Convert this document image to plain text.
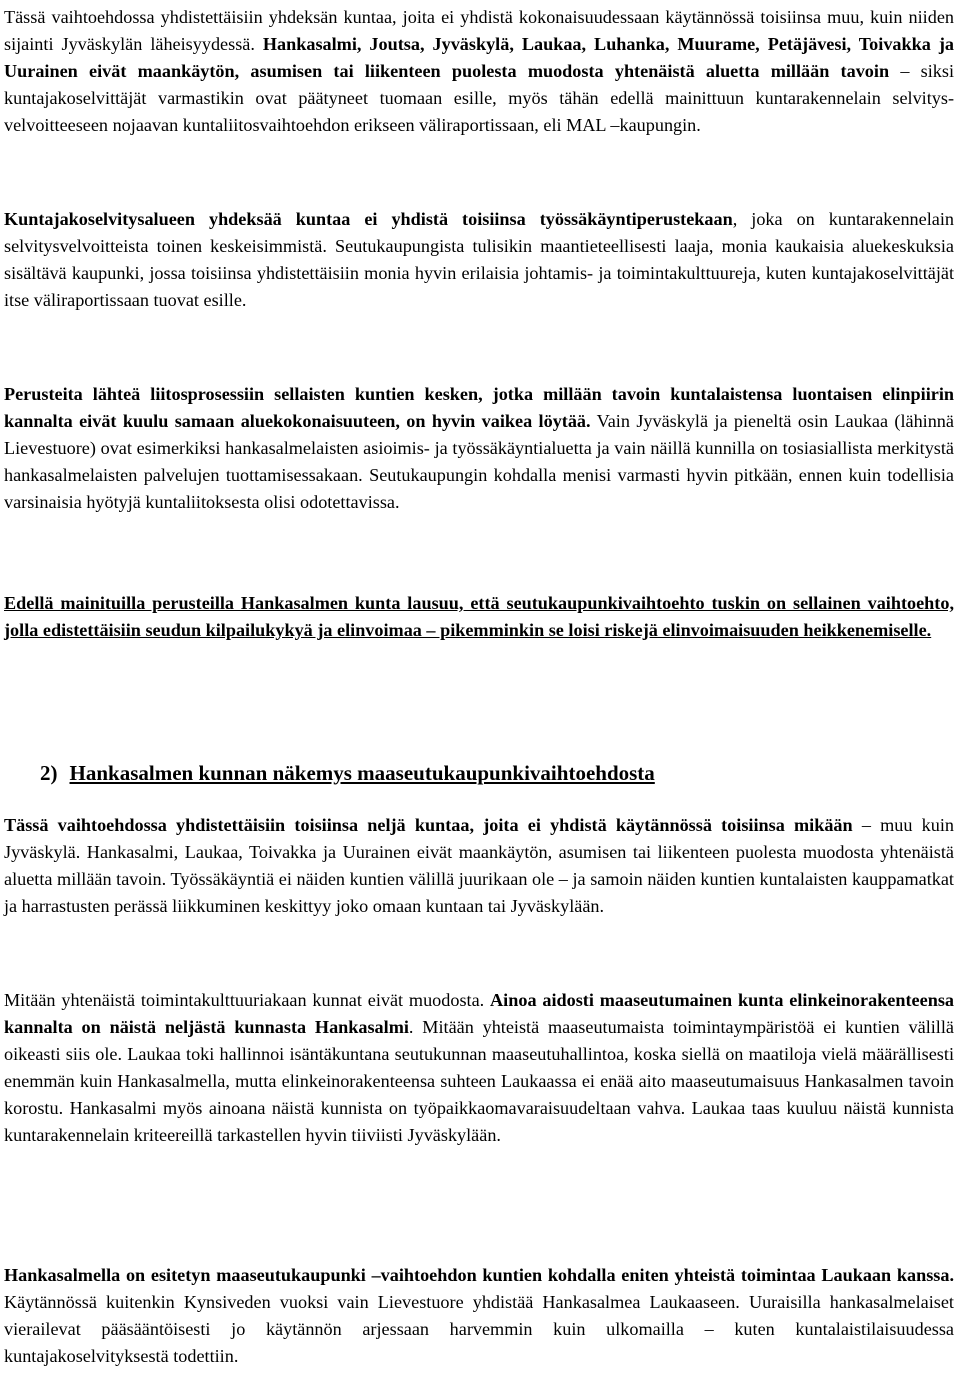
Tässä vaihtoehdossa yhdistettäisiin yhdeksän kuntaa, joita ei yhdistä kokonaisuudessaan käytännössä toisiinsa muu, kuin niiden sijainti Jyväskylän läheisyydessä. Hankasalmi, Joutsa, Jyväskylä, Laukaa, Luhanka, Muurame, Petäjävesi, Toivakka ja Uurainen eivät maankäytön, asumisen tai liikenteen puolesta muodosta yhtenäistä aluetta millään tavoin – siksi kuntajakoselvittäjät varmastikin ovat päätyneet tuomaan esille, myös tähän edellä mainittuun kuntarakennelain selvitysvelvoitteeseen nojaavan kuntaliitosvaihtoehdon erikseen väliraportissaan, eli MAL –kaupungin.

Kuntajakoselvitysalueen yhdeksää kuntaa ei yhdistä toisiinsa työssäkäyntiperustekaan, joka on kuntarakennelain selvitysvelvoitteista toinen keskeisimmistä. Seutukaupungista tulisikin maantieteellisesti laaja, monia kaukaisia aluekeskuksia sisältävä kaupunki, jossa toisiinsa yhdistettäisiin monia hyvin erilaisia johtamis- ja toimintakulttuureja, kuten kuntajakoselvittäjät itse väliraportissaan tuovat esille.

Perusteita lähteä liitosprosessiin sellaisten kuntien kesken, jotka millään tavoin kuntalaistensa luontaisen elinpiirin kannalta eivät kuulu samaan aluekokonaisuuteen, on hyvin vaikea löytää. Vain Jyväskylä ja pieneltä osin Laukaa (lähinnä Lievestuore) ovat esimerkiksi hankasalmelaisten asioimis- ja työssäkäyntialuetta ja vain näillä kunnilla on tosiasiallista merkitystä hankasalmelaisten palvelujen tuottamisessakaan. Seutukaupungin kohdalla menisi varmasti hyvin pitkään, ennen kuin todellisia varsinaisia hyötyjä kuntaliitoksesta olisi odotettavissa.

Edellä mainituilla perusteilla Hankasalmen kunta lausuu, että seutukaupunkivaihtoehto tuskin on sellainen vaihtoehto, jolla edistettäisiin seudun kilpailukykyä ja elinvoimaa – pikemminkin se loisi riskejä elinvoimaisuuden heikkenemiselle.

2) Hankasalmen kunnan näkemys maaseutukaupunkivaihtoehdosta

Tässä vaihtoehdossa yhdistettäisiin toisiinsa neljä kuntaa, joita ei yhdistä käytännössä toisiinsa mikään – muu kuin Jyväskylä. Hankasalmi, Laukaa, Toivakka ja Uurainen eivät maankäytön, asumisen tai liikenteen puolesta muodosta yhtenäistä aluetta millään tavoin. Työssäkäyntiä ei näiden kuntien välillä juurikaan ole – ja samoin näiden kuntien kuntalaisten kauppamatkat ja harrastusten perässä liikkuminen keskittyy joko omaan kuntaan tai Jyväskylään.

Mitään yhtenäistä toimintakulttuuriakaan kunnat eivät muodosta. Ainoa aidosti maaseutumainen kunta elinkeinorakenteensa kannalta on näistä neljästä kunnasta Hankasalmi. Mitään yhteistä maaseutumaista toimintaympäristöä ei kuntien välillä oikeasti siis ole. Laukaa toki hallinnoi isäntäkuntana seutukunnan maaseutuhallintoa, koska siellä on maatiloja vielä määrällisesti enemmän kuin Hankasalmella, mutta elinkeinorakenteensa suhteen Laukaassa ei enää aito maaseutumaisuus Hankasalmen tavoin korostu. Hankasalmi myös ainoana näistä kunnista on työpaikkaomavaraisuudeltaan vahva. Laukaa taas kuuluu näistä kunnista kuntarakennelain kriteereillä tarkastellen hyvin tiiviisti Jyväskylään.

Hankasalmella on esitetyn maaseutukaupunki –vaihtoehdon kuntien kohdalla eniten yhteistä toimintaa Laukaan kanssa. Käytännössä kuitenkin Kynsiveden vuoksi vain Lievestuore yhdistää Hankasalmea Laukaaseen. Uuraisilla hankasalmelaiset vierailevat pääsääntöisesti jo käytännön arjessaan harvemmin kuin ulkomailla – kuten kuntalaistilaisuudessa kuntajakoselvityksestä todettiin.
